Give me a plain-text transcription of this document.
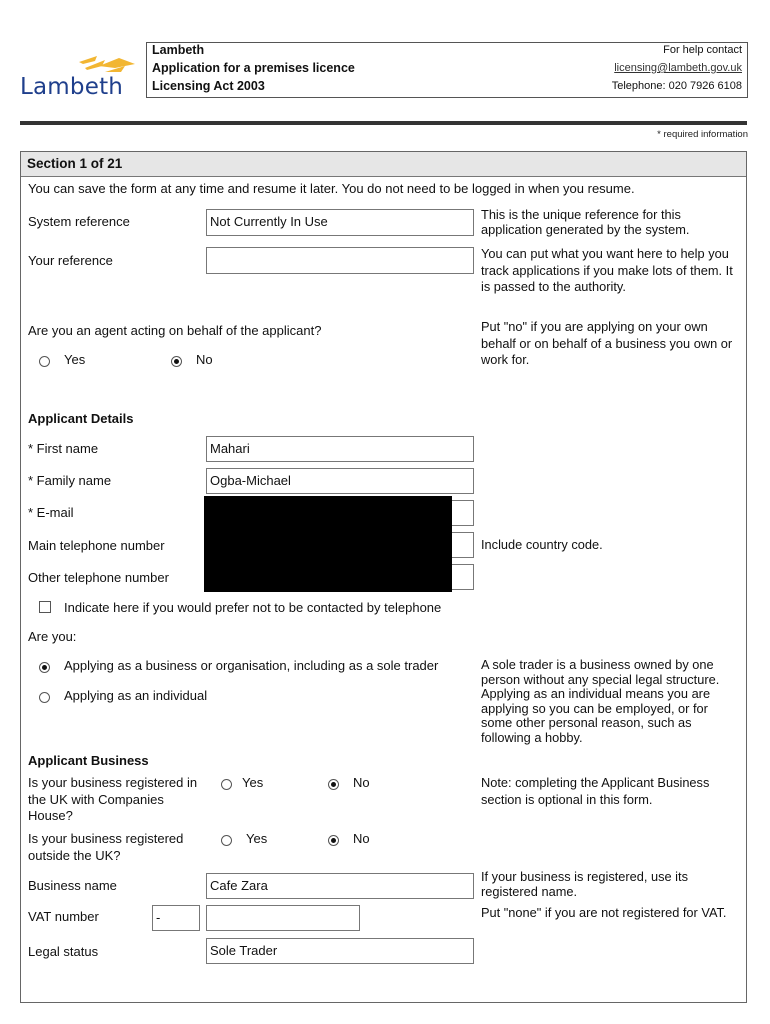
Lambeth
Lambeth
Application for a premises licence
Licensing Act 2003
For help contact
licensing@lambeth.gov.uk
Telephone: 020 7926 6108
* required information
Section 1 of 21
You can save the form at any time and resume it later. You do not need to be logged in when you resume.
System reference	Not Currently In Use	This is the unique reference for this application generated by the system.
Your reference	You can put what you want here to help you track applications if you make lots of them. It is passed to the authority.
Are you an agent acting on behalf of the applicant?	Put "no" if you are applying on your own behalf or on behalf of a business you own or work for.
Yes	No
Applicant Details
* First name	Mahari
* Family name	Ogba-Michael
* E-mail
Main telephone number	Include country code.
Other telephone number
Indicate here if you would prefer not to be contacted by telephone
Are you:
Applying as a business or organisation, including as a sole trader
Applying as an individual
A sole trader is a business owned by one person without any special legal structure. Applying as an individual means you are applying so you can be employed, or for some other personal reason, such as following a hobby.
Applicant Business
Is your business registered in the UK with Companies House?
Yes	No	Note: completing the Applicant Business section is optional in this form.
Is your business registered outside the UK?
Yes	No
Business name	Cafe Zara
If your business is registered, use its registered name.
VAT number	-	Put "none" if you are not registered for VAT.
Legal status	Sole Trader
